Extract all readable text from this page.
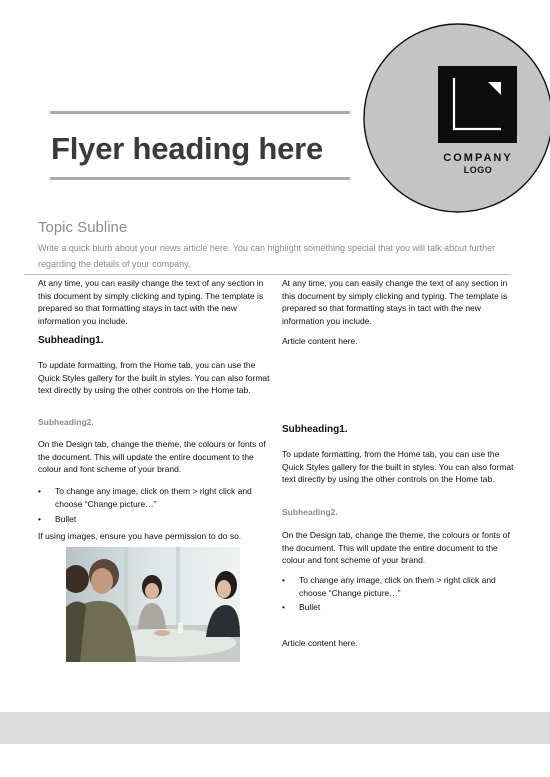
COMPANY
LOGO
Flyer heading here
Topic Subline
Write a quick blurb about your news article here. You can highlight something special that you will talk about further regarding the details of your company.
At any time, you can easily change the text of any section in this document by simply clicking and typing. The template is prepared so that formatting stays in tact with the new information you include.
Subheading1.
To update formatting, from the Home tab, you can use the Quick Styles gallery for the built in styles. You can also format text directly by using the other controls on the Home tab.
Subheading2.
On the Design tab, change the theme, the colours or fonts of the document. This will update the entire document to the colour and font scheme of your brand.
• To change any image, click on them > right click and choose “Change picture…”
• Bullet
If using images, ensure you have permission to do so.
At any time, you can easily change the text of any section in this document by simply clicking and typing. The template is prepared so that formatting stays in tact with the new information you include.
Article content here.
Subheading1.
To update formatting, from the Home tab, you can use the Quick Styles gallery for the built in styles. You can also format text directly by using the other controls on the Home tab.
Subheading2.
On the Design tab, change the theme, the colours or fonts of the document. This will update the entire document to the colour and font scheme of your brand.
• To change any image, click on them > right click and choose “Change picture…”
• Bullet
Article content here.
